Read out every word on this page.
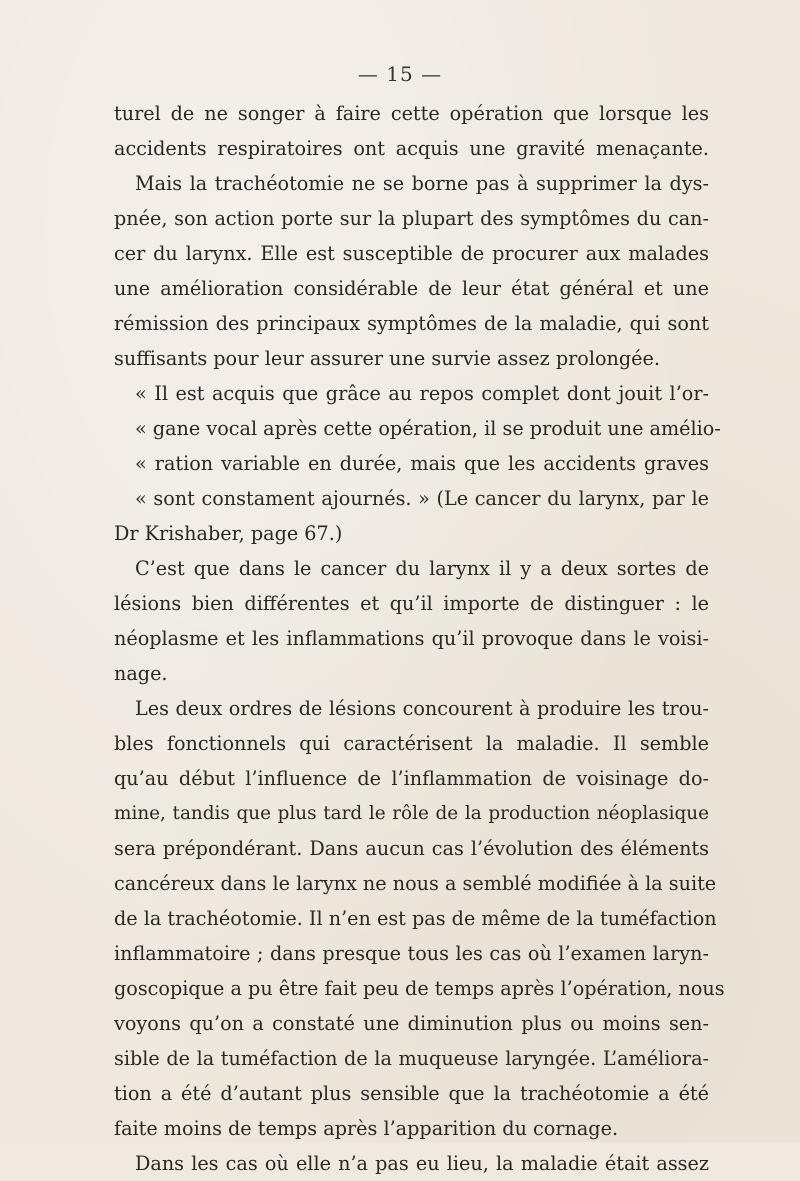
— 15 —
turel de ne songer à faire cette opération que lorsque les
accidents respiratoires ont acquis une gravité menaçante.
Mais la trachéotomie ne se borne pas à supprimer la dys-
pnée, son action porte sur la plupart des symptômes du can-
cer du larynx. Elle est susceptible de procurer aux malades
une amélioration considérable de leur état général et une
rémission des principaux symptômes de la maladie, qui sont
suffisants pour leur assurer une survie assez prolongée.
« Il est acquis que grâce au repos complet dont jouit l’or-
« gane vocal après cette opération, il se produit une amélio-
« ration variable en durée, mais que les accidents graves
« sont constament ajournés. » (Le cancer du larynx, par le
Dr Krishaber, page 67.)
C’est que dans le cancer du larynx il y a deux sortes de
lésions bien différentes et qu’il importe de distinguer : le
néoplasme et les inflammations qu’il provoque dans le voisi-
nage.
Les deux ordres de lésions concourent à produire les trou-
bles fonctionnels qui caractérisent la maladie. Il semble
qu’au début l’influence de l’inflammation de voisinage do-
mine, tandis que plus tard le rôle de la production néoplasique
sera prépondérant. Dans aucun cas l’évolution des éléments
cancéreux dans le larynx ne nous a semblé modifiée à la suite
de la trachéotomie. Il n’en est pas de même de la tuméfaction
inflammatoire ; dans presque tous les cas où l’examen laryn-
goscopique a pu être fait peu de temps après l’opération, nous
voyons qu’on a constaté une diminution plus ou moins sen-
sible de la tuméfaction de la muqueuse laryngée. L’améliora-
tion a été d’autant plus sensible que la trachéotomie a été
faite moins de temps après l’apparition du cornage.
Dans les cas où elle n’a pas eu lieu, la maladie était assez
